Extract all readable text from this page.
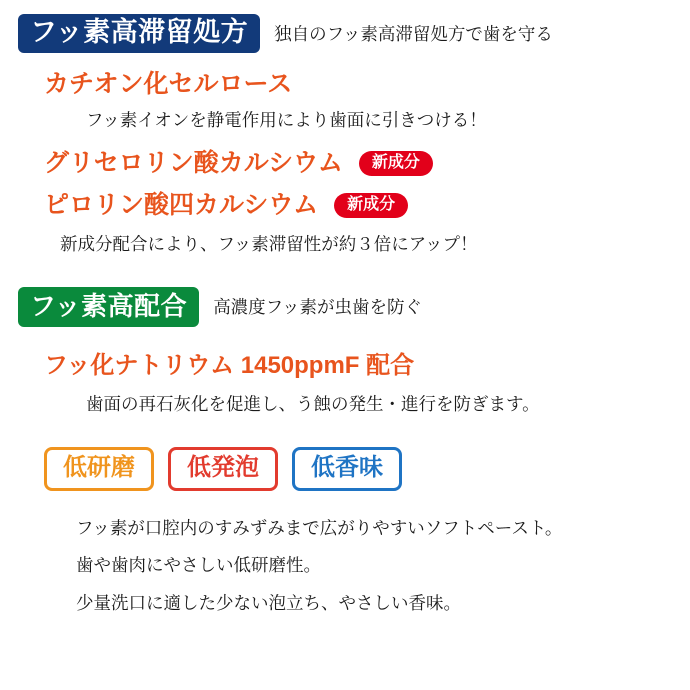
フッ素高滞留処方	独自のフッ素高滞留処方で歯を守る
カチオン化セルロース
フッ素イオンを静電作用により歯面に引きつける！
グリセロリン酸カルシウム	新成分
ピロリン酸四カルシウム	新成分
新成分配合により、フッ素滞留性が約３倍にアップ！
フッ素高配合	高濃度フッ素が虫歯を防ぐ
フッ化ナトリウム 1450ppmF 配合
歯面の再石灰化を促進し、う蝕の発生・進行を防ぎます。
低研磨	低発泡	低香味
フッ素が口腔内のすみずみまで広がりやすいソフトペースト。
歯や歯肉にやさしい低研磨性。
少量洗口に適した少ない泡立ち、やさしい香味。
